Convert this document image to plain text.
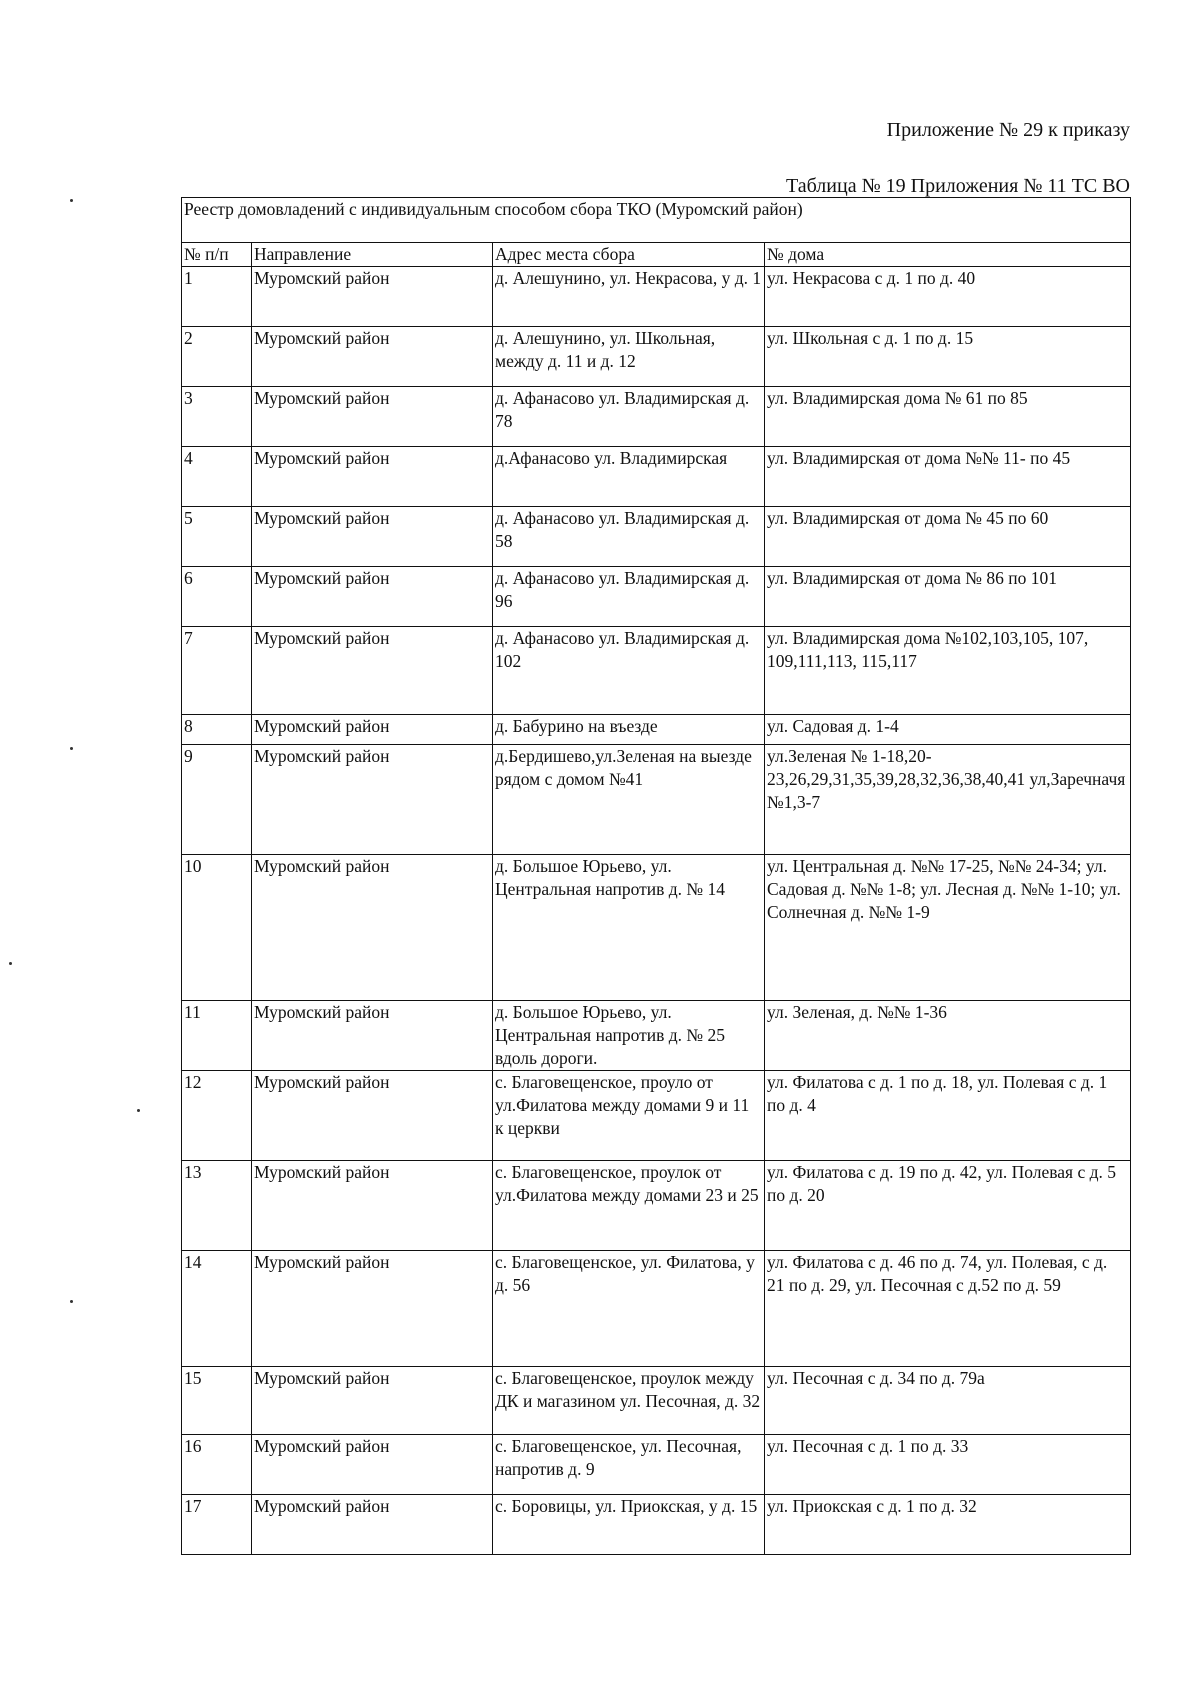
Приложение № 29 к приказу
Таблица № 19 Приложения № 11 ТС ВО
Реестр домовладений с индивидуальным способом сбора ТКО (Муромский район)			
№ п/п	Направление	Адрес места сбора	№ дома
1	Муромский район	д. Алешунино, ул. Некрасова, у д. 1	ул. Некрасова с д. 1 по д. 40
2	Муромский район	д. Алешунино, ул. Школьная, между д. 11 и д. 12	ул. Школьная с д. 1 по д. 15
3	Муромский район	д. Афанасово ул. Владимирская д. 78	ул. Владимирская дома № 61 по 85
4	Муромский район	д.Афанасово ул. Владимирская	ул. Владимирская от дома №№ 11- по 45
5	Муромский район	д. Афанасово ул. Владимирская д. 58	ул. Владимирская от дома № 45 по 60
6	Муромский район	д. Афанасово ул. Владимирская д. 96	ул. Владимирская от дома № 86 по 101
7	Муромский район	д. Афанасово ул. Владимирская д. 102	ул. Владимирская дома №102,103,105, 107, 109,111,113, 115,117
8	Муромский район	д. Бабурино на въезде	ул. Садовая д. 1-4
9	Муромский район	д.Бердишево,ул.Зеленая на выезде рядом с домом №41	ул.Зеленая № 1-18,20-23,26,29,31,35,39,28,32,36,38,40,41 ул,Заречначя №1,3-7
10	Муромский район	д. Большое Юрьево, ул. Центральная напротив д. № 14	ул. Центральная д. №№ 17-25, №№ 24-34; ул. Садовая д. №№ 1-8; ул. Лесная д. №№ 1-10; ул. Солнечная д. №№ 1-9
11	Муромский район	д. Большое Юрьево, ул. Центральная напротив д. № 25 вдоль дороги.	ул. Зеленая, д. №№ 1-36
12	Муромский район	с. Благовещенское, проуло от ул.Филатова между домами 9 и 11 к церкви	ул. Филатова с д. 1 по д. 18, ул. Полевая с д. 1 по д. 4
13	Муромский район	с. Благовещенское, проулок от ул.Филатова между домами 23 и 25	ул. Филатова с д. 19 по д. 42, ул. Полевая с д. 5 по д. 20
14	Муромский район	с. Благовещенское, ул. Филатова, у д. 56	ул. Филатова с д. 46 по д. 74, ул. Полевая, с д. 21 по д. 29, ул. Песочная с д.52 по д. 59
15	Муромский район	с. Благовещенское, проулок между ДК и магазином ул. Песочная, д. 32	ул. Песочная с д. 34 по д. 79а
16	Муромский район	с. Благовещенское, ул. Песочная, напротив д. 9	ул. Песочная с д. 1 по д. 33
17	Муромский район	с. Боровицы, ул. Приокская, у д. 15	ул. Приокская с д. 1 по д. 32
